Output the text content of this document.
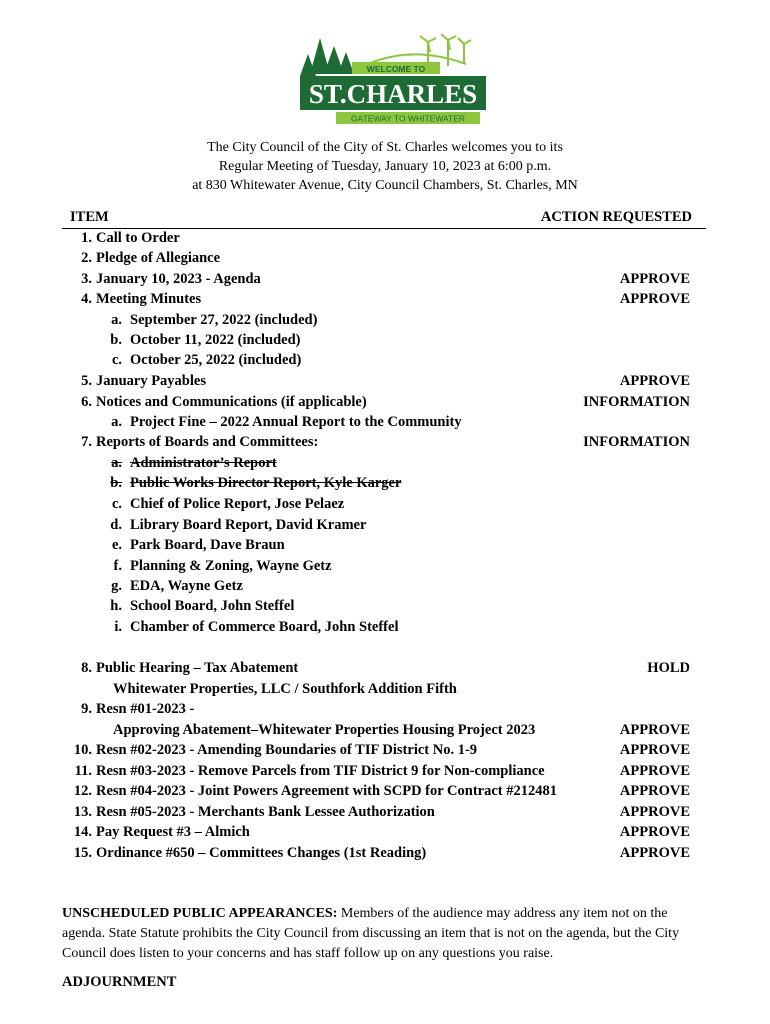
WELCOME TO
ST.CHARLES
GATEWAY TO WHITEWATER
The City Council of the City of St. Charles welcomes you to its
Regular Meeting of Tuesday, January 10, 2023 at 6:00 p.m.
at 830 Whitewater Avenue, City Council Chambers, St. Charles, MN
ITEM	ACTION REQUESTED

1. Call to Order
2. Pledge of Allegiance
3. January 10, 2023 - Agenda	APPROVE
4. Meeting Minutes	APPROVE
a. September 27, 2022 (included)
b. October 11, 2022 (included)
c. October 25, 2022 (included)
5. January Payables	APPROVE
6. Notices and Communications (if applicable)	INFORMATION
a. Project Fine – 2022 Annual Report to the Community
7. Reports of Boards and Committees:	INFORMATION
a. Administrator’s Report
b. Public Works Director Report, Kyle Karger
c. Chief of Police Report, Jose Pelaez
d. Library Board Report, David Kramer
e. Park Board, Dave Braun
f. Planning & Zoning, Wayne Getz
g. EDA, Wayne Getz
h. School Board, John Steffel
i. Chamber of Commerce Board, John Steffel
8. Public Hearing – Tax Abatement	HOLD
Whitewater Properties, LLC / Southfork Addition Fifth
9. Resn #01-2023 -
Approving Abatement–Whitewater Properties Housing Project 2023	APPROVE
10. Resn #02-2023 - Amending Boundaries of TIF District No. 1-9	APPROVE
11. Resn #03-2023 - Remove Parcels from TIF District 9 for Non-compliance	APPROVE
12. Resn #04-2023 - Joint Powers Agreement with SCPD for Contract #212481	APPROVE
13. Resn #05-2023 - Merchants Bank Lessee Authorization	APPROVE
14. Pay Request #3 – Almich	APPROVE
15. Ordinance #650 – Committees Changes (1st Reading)	APPROVE
UNSCHEDULED PUBLIC APPEARANCES: Members of the audience may address any item not on the agenda. State Statute prohibits the City Council from discussing an item that is not on the agenda, but the City Council does listen to your concerns and has staff follow up on any questions you raise.
ADJOURNMENT
